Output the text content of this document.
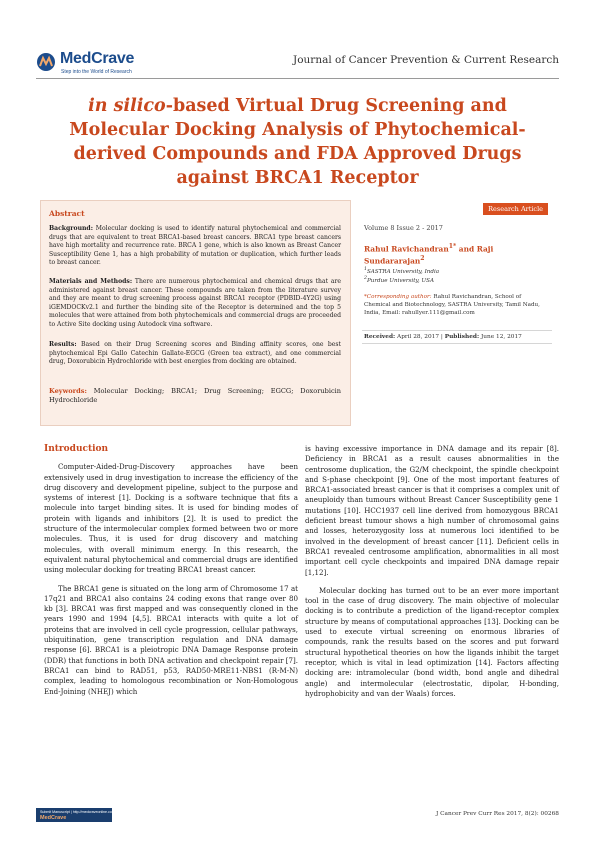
MedCrave
Step into the World of Research
Journal of Cancer Prevention & Current Research
in silico-based Virtual Drug Screening and Molecular Docking Analysis of Phytochemical-derived Compounds and FDA Approved Drugs against BRCA1 Receptor
Abstract
Background: Molecular docking is used to identify natural phytochemical and commercial drugs that are equivalent to treat BRCA1-based breast cancers. BRCA1 type breast cancers have high mortality and recurrence rate. BRCA 1 gene, which is also known as Breast Cancer Susceptibility Gene 1, has a high probability of mutation or duplication, which further leads to breast cancer.
Materials and Methods: There are numerous phytochemical and chemical drugs that are administered against breast cancer. These compounds are taken from the literature survey and they are meant to drug screening process against BRCA1 receptor (PDBID-4Y2G) using iGEMDOCKv2.1 and further the binding site of the Receptor is determined and the top 5 molecules that were attained from both phytochemicals and commercial drugs are proceeded to Active Site docking using Autodock vina software.
Results: Based on their Drug Screening scores and Binding affinity scores, one best phytochemical Epi Gallo Catechin Gallate-EGCG (Green tea extract), and one commercial drug, Doxorubicin Hydrochloride with best energies from docking are obtained.
Keywords: Molecular Docking; BRCA1; Drug Screening; EGCG; Doxorubicin Hydrochloride
Research Article
Volume 8 Issue 2 - 2017
Rahul Ravichandran$^{1*}$ and Raji Sundararajan$^2$
$^1$SASTRA University, India
$^2$Purdue University, USA
*Corresponding author: Rahul Ravichandran, School of Chemical and Biotechnology, SASTRA University, Tamil Nadu, India, Email: rahullyer.111@gmail.com
Received: April 28, 2017 | Published: June 12, 2017
Introduction

Computer-Aided-Drug-Discovery approaches have been extensively used in drug investigation to increase the efficiency of the drug discovery and development pipeline, subject to the purpose and systems of interest [1]. Docking is a software technique that fits a molecule into target binding sites. It is used for binding modes of protein with ligands and inhibitors [2]. It is used to predict the structure of the intermolecular complex formed between two or more molecules. Thus, it is used for drug discovery and matching molecules, with overall minimum energy. In this research, the equivalent natural phytochemical and commercial drugs are identified using molecular docking for treating BRCA1 breast cancer.

The BRCA1 gene is situated on the long arm of Chromosome 17 at 17q21 and BRCA1 also contains 24 coding exons that range over 80 kb [3]. BRCA1 was first mapped and was consequently cloned in the years 1990 and 1994 [4,5]. BRCA1 interacts with quite a lot of proteins that are involved in cell cycle progression, cellular pathways, ubiquitination, gene transcription regulation and DNA damage response [6]. BRCA1 is a pleiotropic DNA Damage Response protein (DDR) that functions in both DNA activation and checkpoint repair [7]. BRCA1 can bind to RAD51, p53, RAD50-MRE11-NBS1 (R-M-N) complex, leading to homologous recombination or Non-Homologous End-Joining (NHEJ) which

is having excessive importance in DNA damage and its repair [8]. Deficiency in BRCA1 as a result causes abnormalities in the centrosome duplication, the G2/M checkpoint, the spindle checkpoint and S-phase checkpoint [9]. One of the most important features of BRCA1-associated breast cancer is that it comprises a complex unit of aneuploidy than tumours without Breast Cancer Susceptibility gene 1 mutations [10]. HCC1937 cell line derived from homozygous BRCA1 deficient breast tumour shows a high number of chromosomal gains and losses, heterozygosity loss at numerous loci identified to be involved in the development of breast cancer [11]. Deficient cells in BRCA1 revealed centrosome amplification, abnormalities in all most important cell cycle checkpoints and impaired DNA damage repair [1,12].

Molecular docking has turned out to be an ever more important tool in the case of drug discovery. The main objective of molecular docking is to contribute a prediction of the ligand-receptor complex structure by means of computational approaches [13]. Docking can be used to execute virtual screening on enormous libraries of compounds, rank the results based on the scores and put forward structural hypothetical theories on how the ligands inhibit the target receptor, which is vital in lead optimization [14]. Factors affecting docking are: intramolecular (bond width, bond angle and dihedral angle) and intermolecular (electrostatic, dipolar, H-bonding, hydrophobicity and van der Waals) forces.

Submit Manuscript | http://medcraveonline.com
MedCrave
J Cancer Prev Curr Res 2017, 8(2): 00268
